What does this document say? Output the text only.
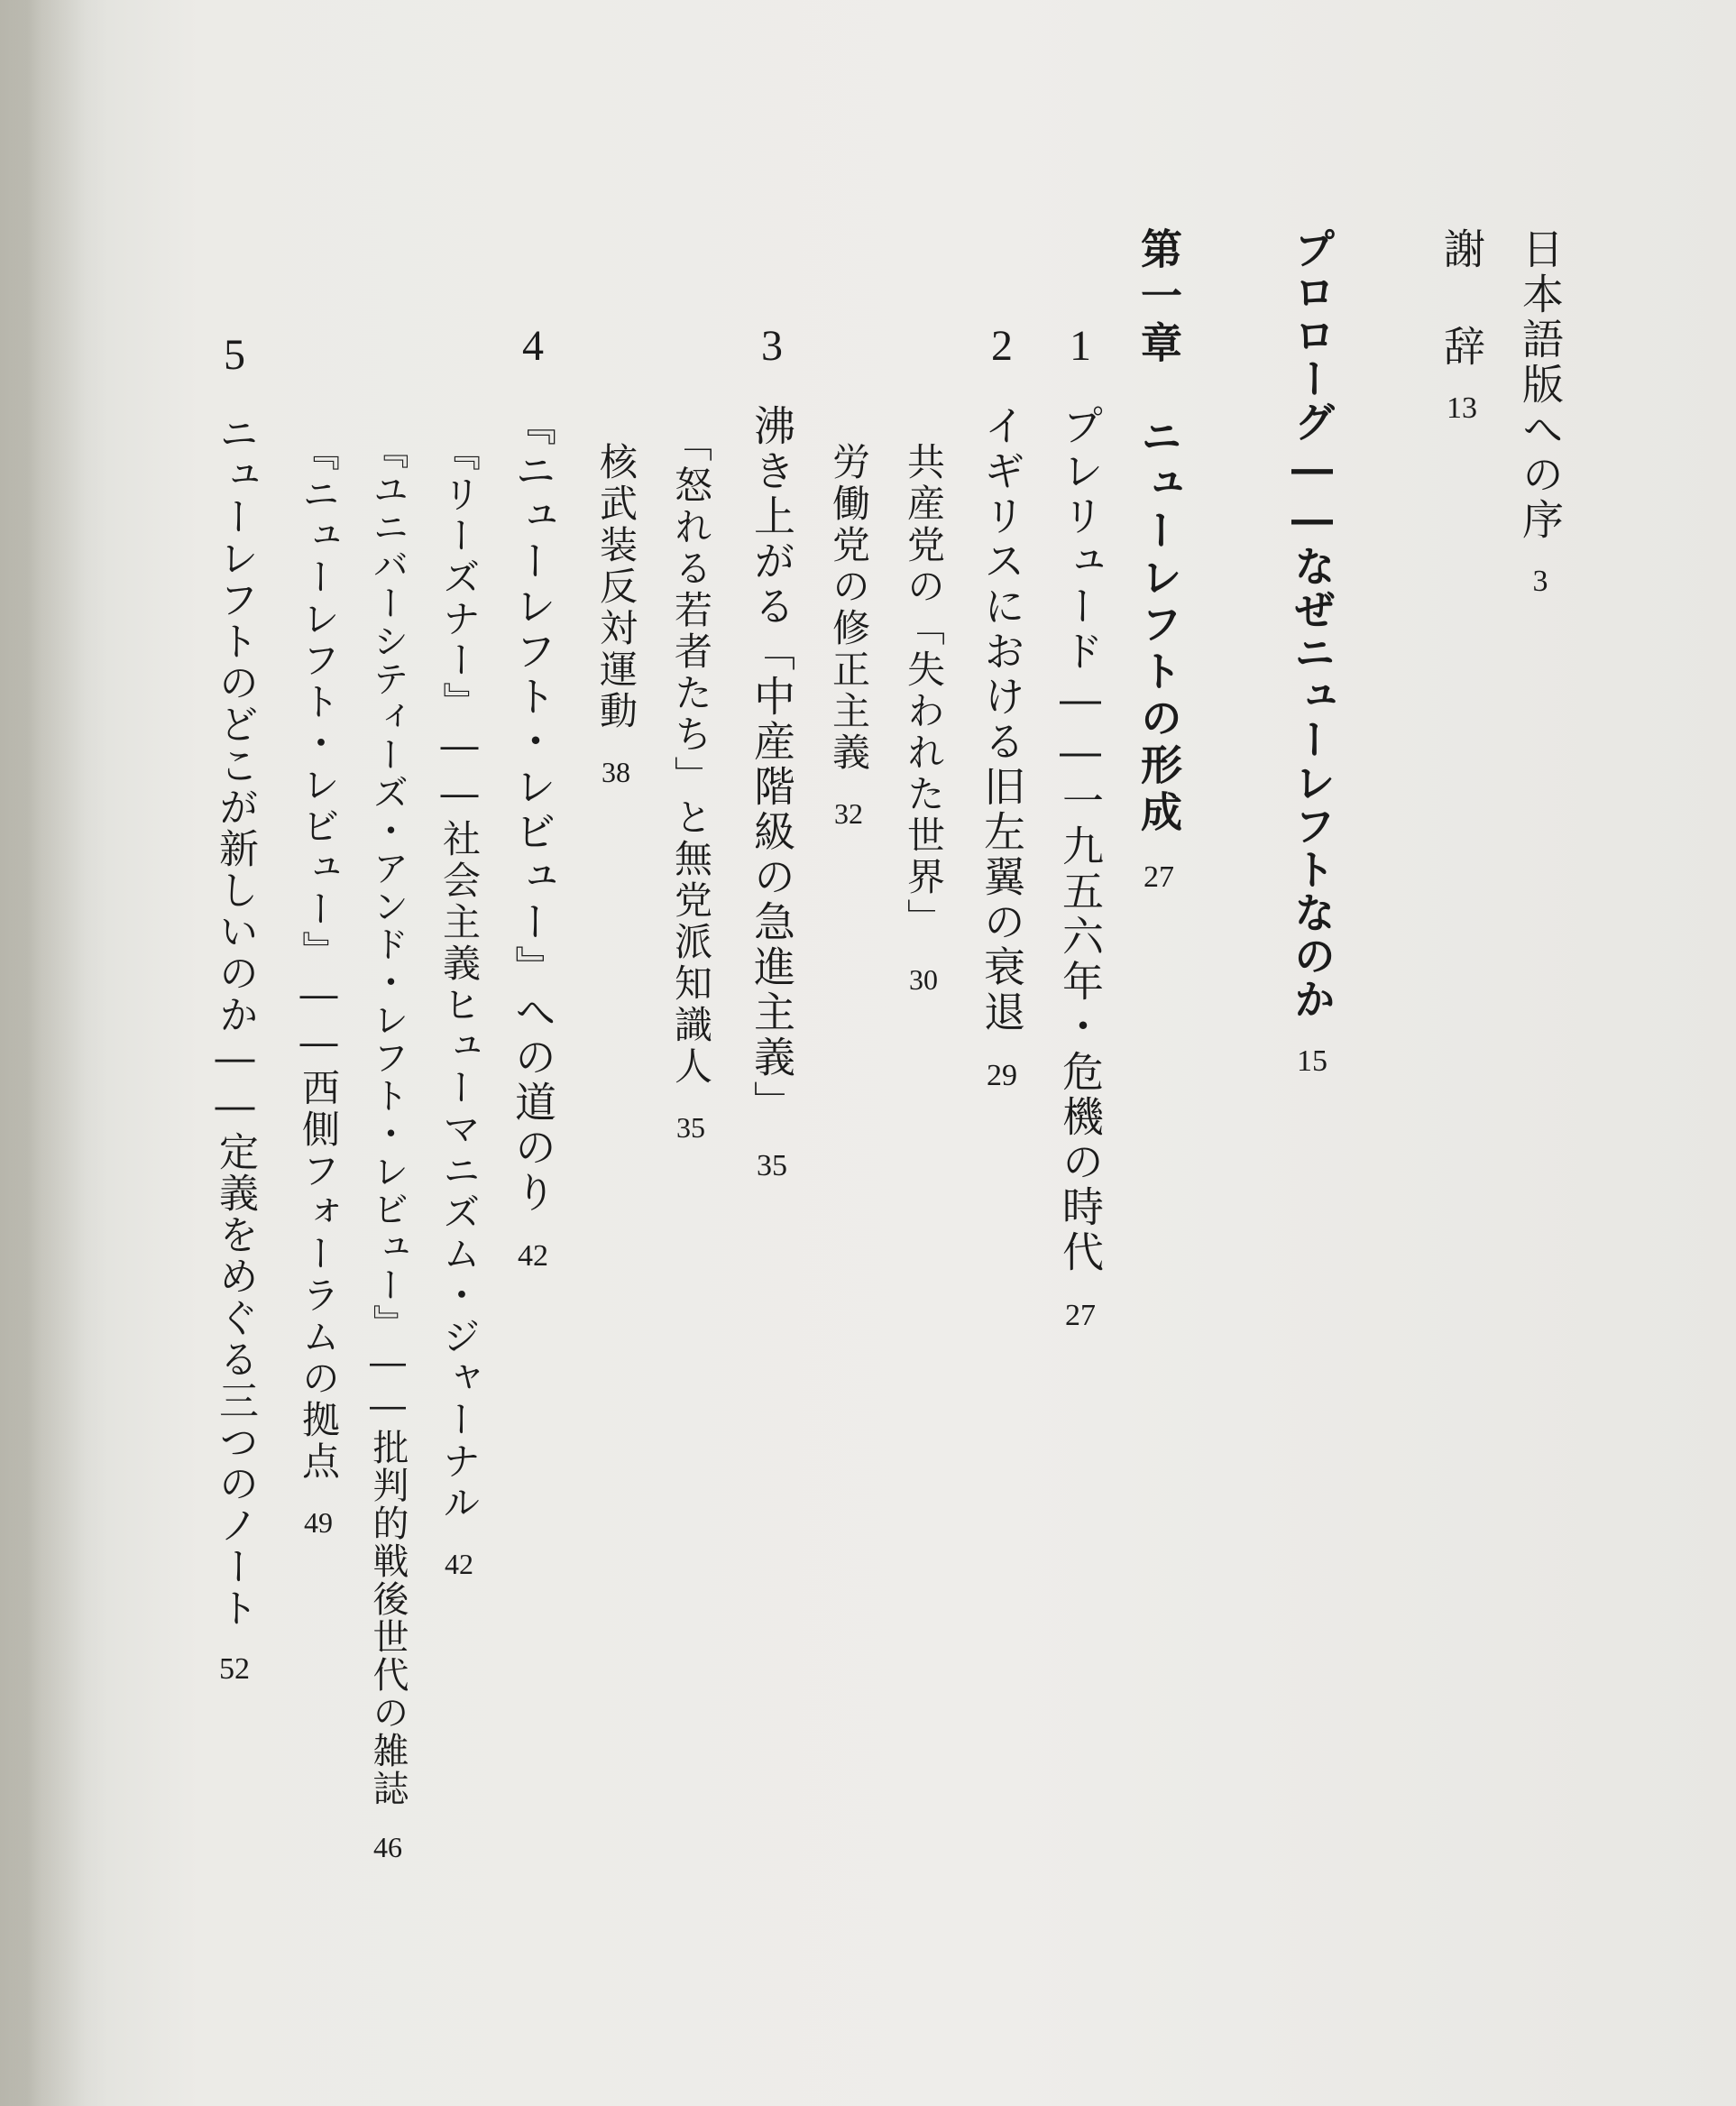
日本語版への序
3
謝 辞
13
プロローグ――なぜニューレフトなのか
15
第一章　ニューレフトの形成
27
1
プレリュード――一九五六年・危機の時代
27
2
イギリスにおける旧左翼の衰退
29
共産党の「失われた世界」
30
労働党の修正主義
32
3
沸き上がる「中産階級の急進主義」
35
「怒れる若者たち」と無党派知識人
35
核武装反対運動
38
4
『ニューレフト・レビュー』への道のり
42
『リーズナー』――社会主義ヒューマニズム・ジャーナル
42
『ユニバーシティーズ・アンド・レフト・レビュー』――批判的戦後世代の雑誌
46
『ニューレフト・レビュー』――西側フォーラムの拠点
49
5
ニューレフトのどこが新しいのか――定義をめぐる三つのノート
52
